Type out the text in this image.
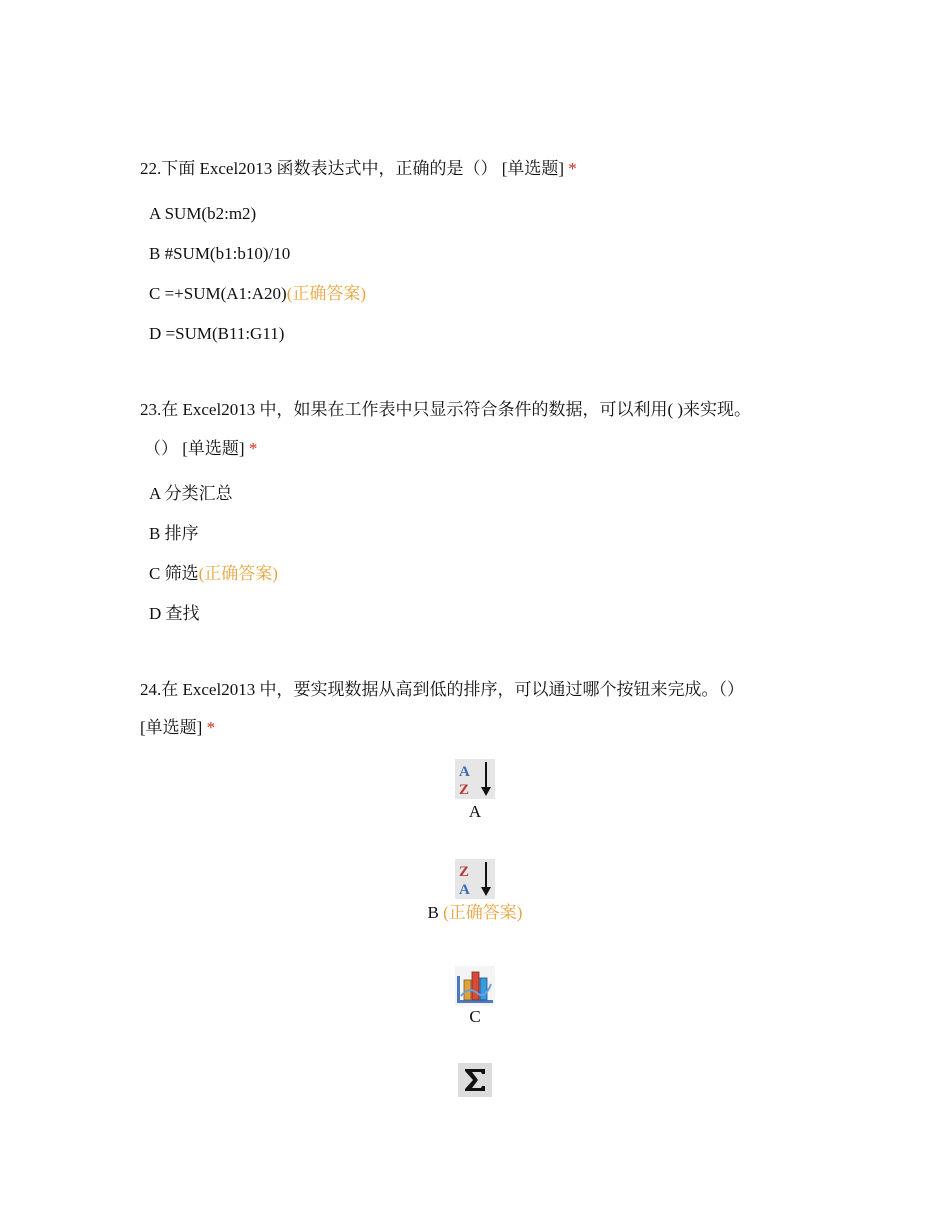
22.下面 Excel2013 函数表达式中，正确的是（） [单选题] *
A SUM(b2:m2)
B #SUM(b1:b10)/10
C =+SUM(A1:A20)(正确答案)
D =SUM(B11:G11)
23.在 Excel2013 中，如果在工作表中只显示符合条件的数据，可以利用( )来实现。
（） [单选题] *
A 分类汇总
B 排序
C 筛选(正确答案)
D 查找
24.在 Excel2013 中，要实现数据从高到低的排序，可以通过哪个按钮来完成。（）
[单选题] *
A
Z
A
Z
A
B (正确答案)
C
